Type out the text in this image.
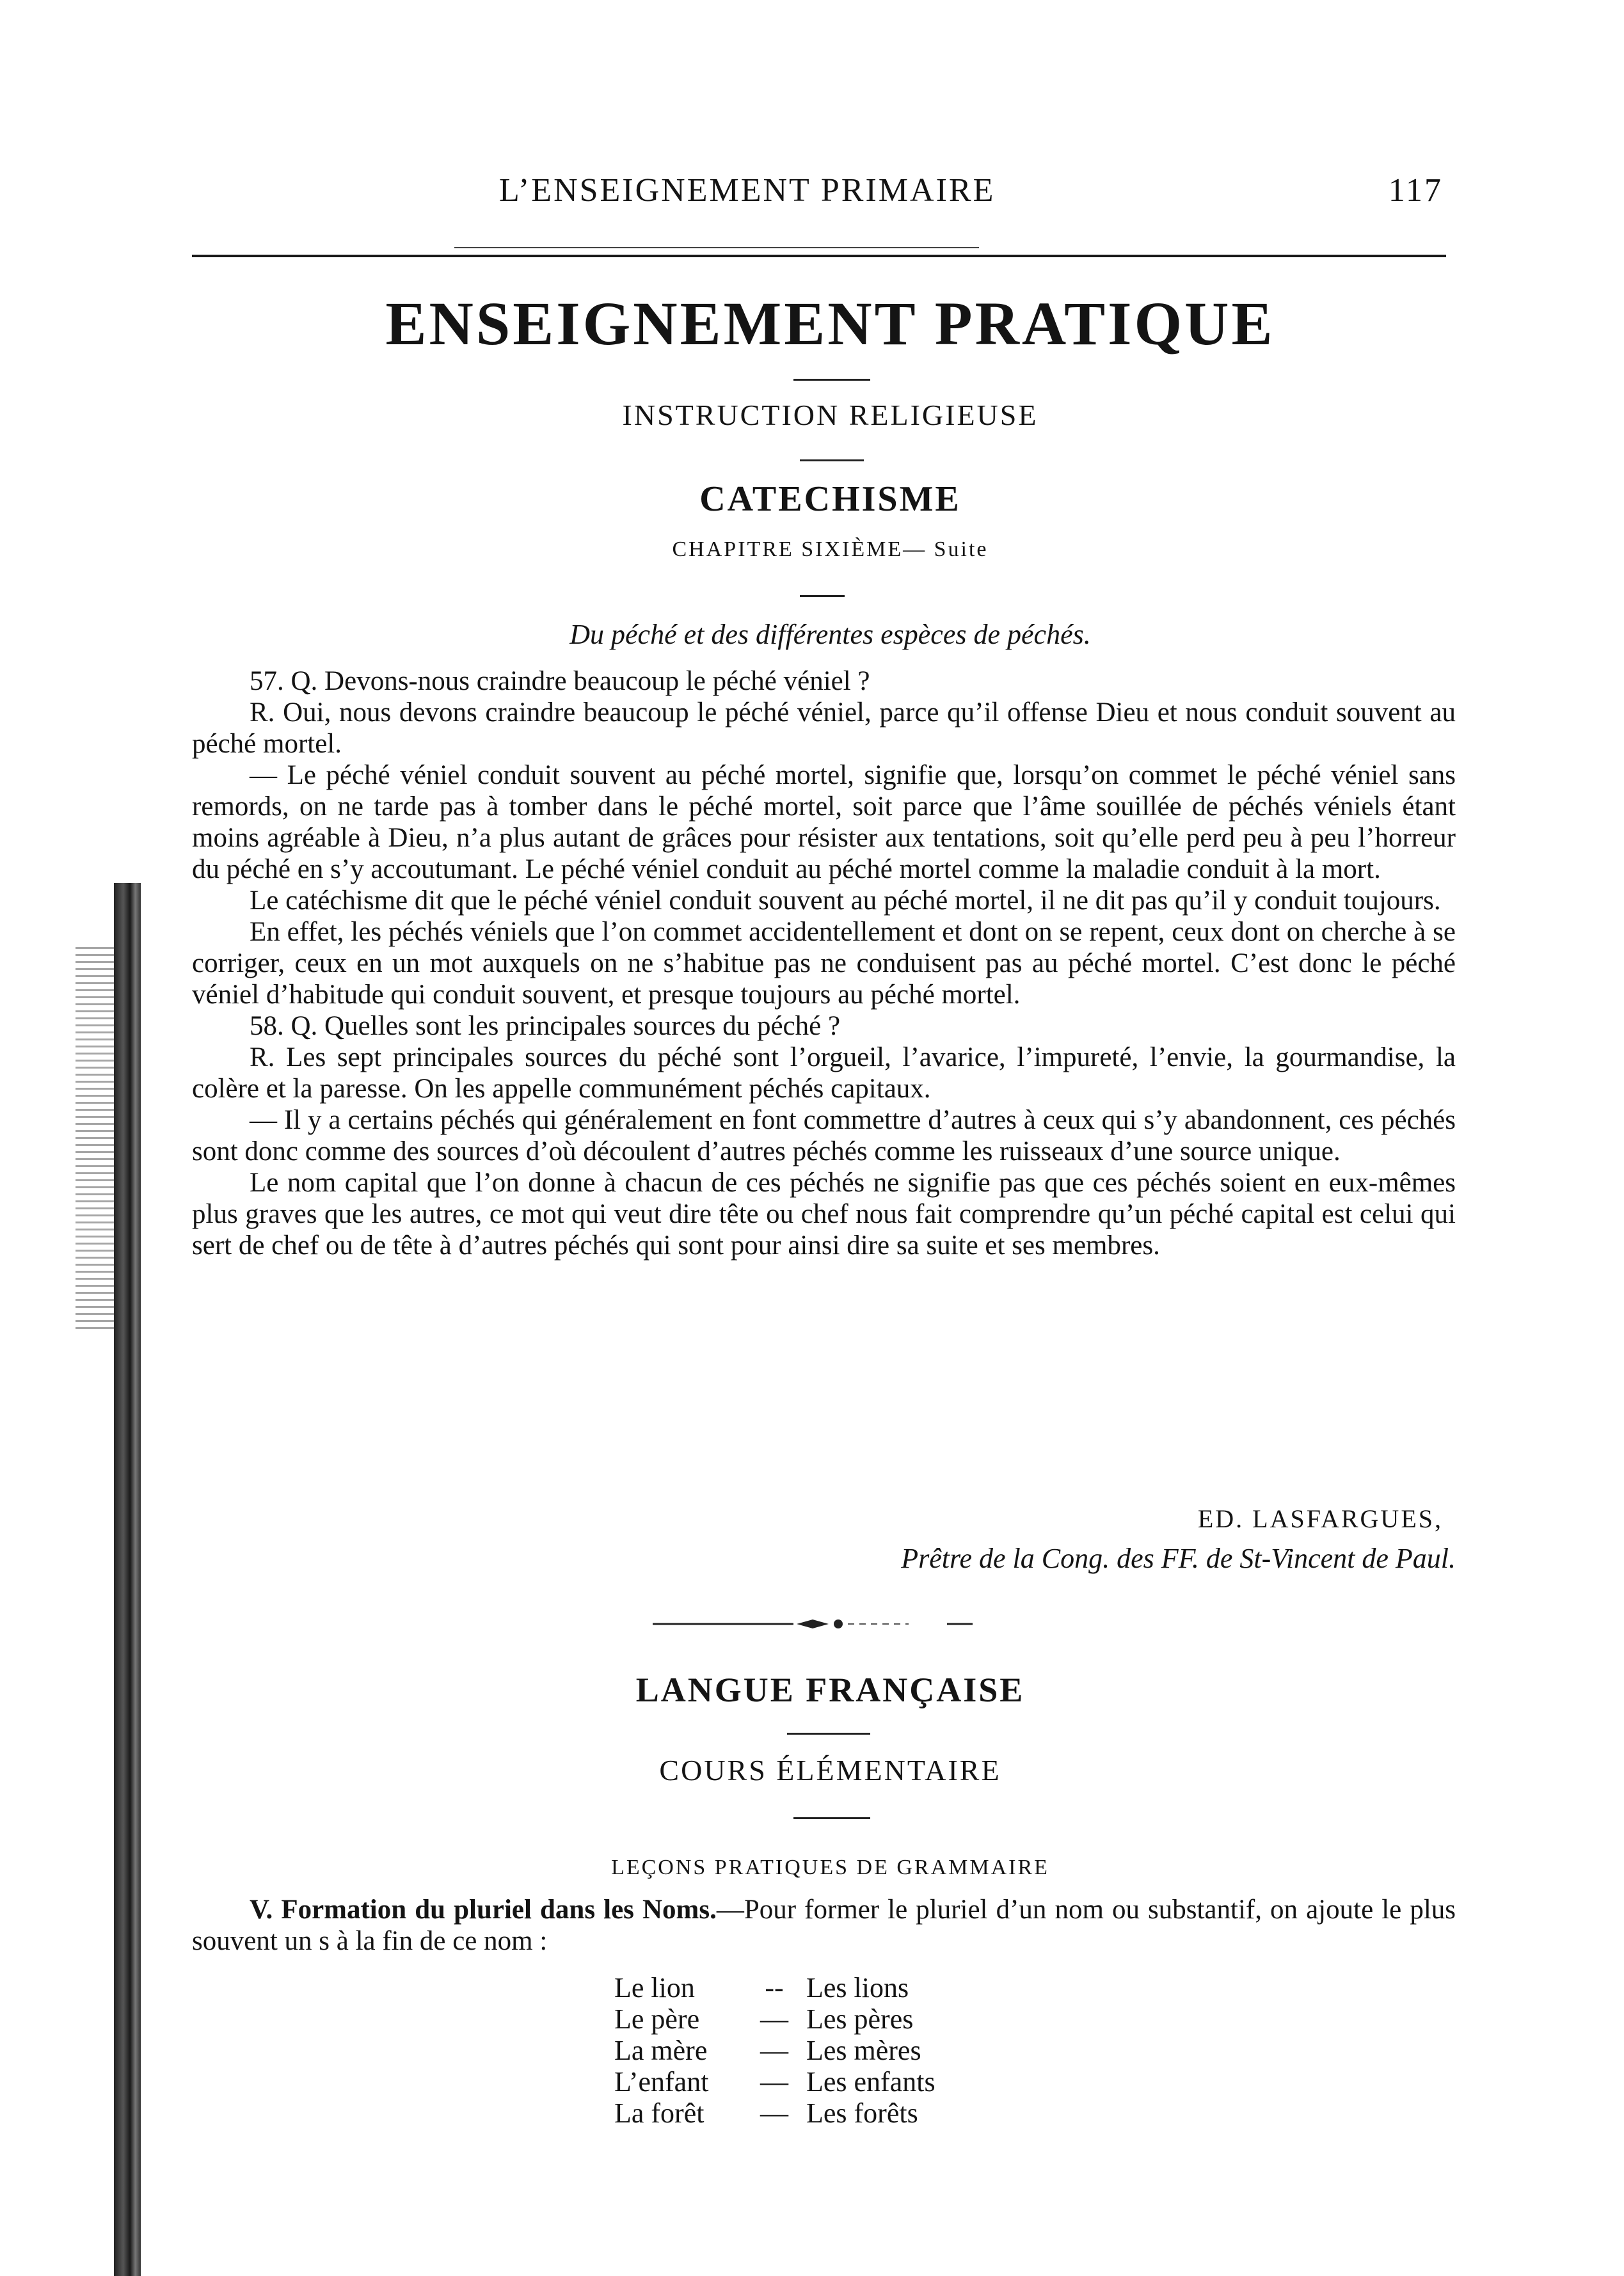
L’ENSEIGNEMENT PRIMAIRE	117
ENSEIGNEMENT PRATIQUE
INSTRUCTION RELIGIEUSE
CATECHISME
CHAPITRE SIXIÈME— Suite
Du péché et des différentes espèces de péchés.

57. Q. Devons-nous craindre beaucoup le péché véniel ?

R. Oui, nous devons craindre beaucoup le péché véniel, parce qu’il offense Dieu et nous conduit souvent au péché mortel.

— Le péché véniel conduit souvent au péché mortel, signifie que, lorsqu’on commet le péché véniel sans remords, on ne tarde pas à tomber dans le péché mortel, soit parce que l’âme souillée de péchés véniels étant moins agréable à Dieu, n’a plus autant de grâces pour résister aux tentations, soit qu’elle perd peu à peu l’horreur du péché en s’y accoutumant. Le péché véniel conduit au péché mortel comme la maladie conduit à la mort.

Le catéchisme dit que le péché véniel conduit souvent au péché mortel, il ne dit pas qu’il y conduit toujours.

En effet, les péchés véniels que l’on commet accidentellement et dont on se repent, ceux dont on cherche à se corriger, ceux en un mot auxquels on ne s’habitue pas ne conduisent pas au péché mortel. C’est donc le péché véniel d’habitude qui conduit souvent, et presque toujours au péché mortel.

58. Q. Quelles sont les principales sources du péché ?

R. Les sept principales sources du péché sont l’orgueil, l’avarice, l’impureté, l’envie, la gourmandise, la colère et la paresse. On les appelle communément péchés capitaux.

— Il y a certains péchés qui généralement en font commettre d’autres à ceux qui s’y abandonnent, ces péchés sont donc comme des sources d’où découlent d’autres péchés comme les ruisseaux d’une source unique.

Le nom capital que l’on donne à chacun de ces péchés ne signifie pas que ces péchés soient en eux-mêmes plus graves que les autres, ce mot qui veut dire tête ou chef nous fait comprendre qu’un péché capital est celui qui sert de chef ou de tête à d’autres péchés qui sont pour ainsi dire sa suite et ses membres.

ED. LASFARGUES,
Prêtre de la Cong. des FF. de St-Vincent de Paul.
LANGUE FRANÇAISE
COURS ÉLÉMENTAIRE
LEÇONS PRATIQUES DE GRAMMAIRE

V. Formation du pluriel dans les Noms.—Pour former le pluriel d’un nom ou substantif, on ajoute le plus souvent un s à la fin de ce nom :

Le lion	-- Les lions
Le père	— Les pères
La mère	— Les mères
L’enfant	— Les enfants
La forêt	— Les forêts
